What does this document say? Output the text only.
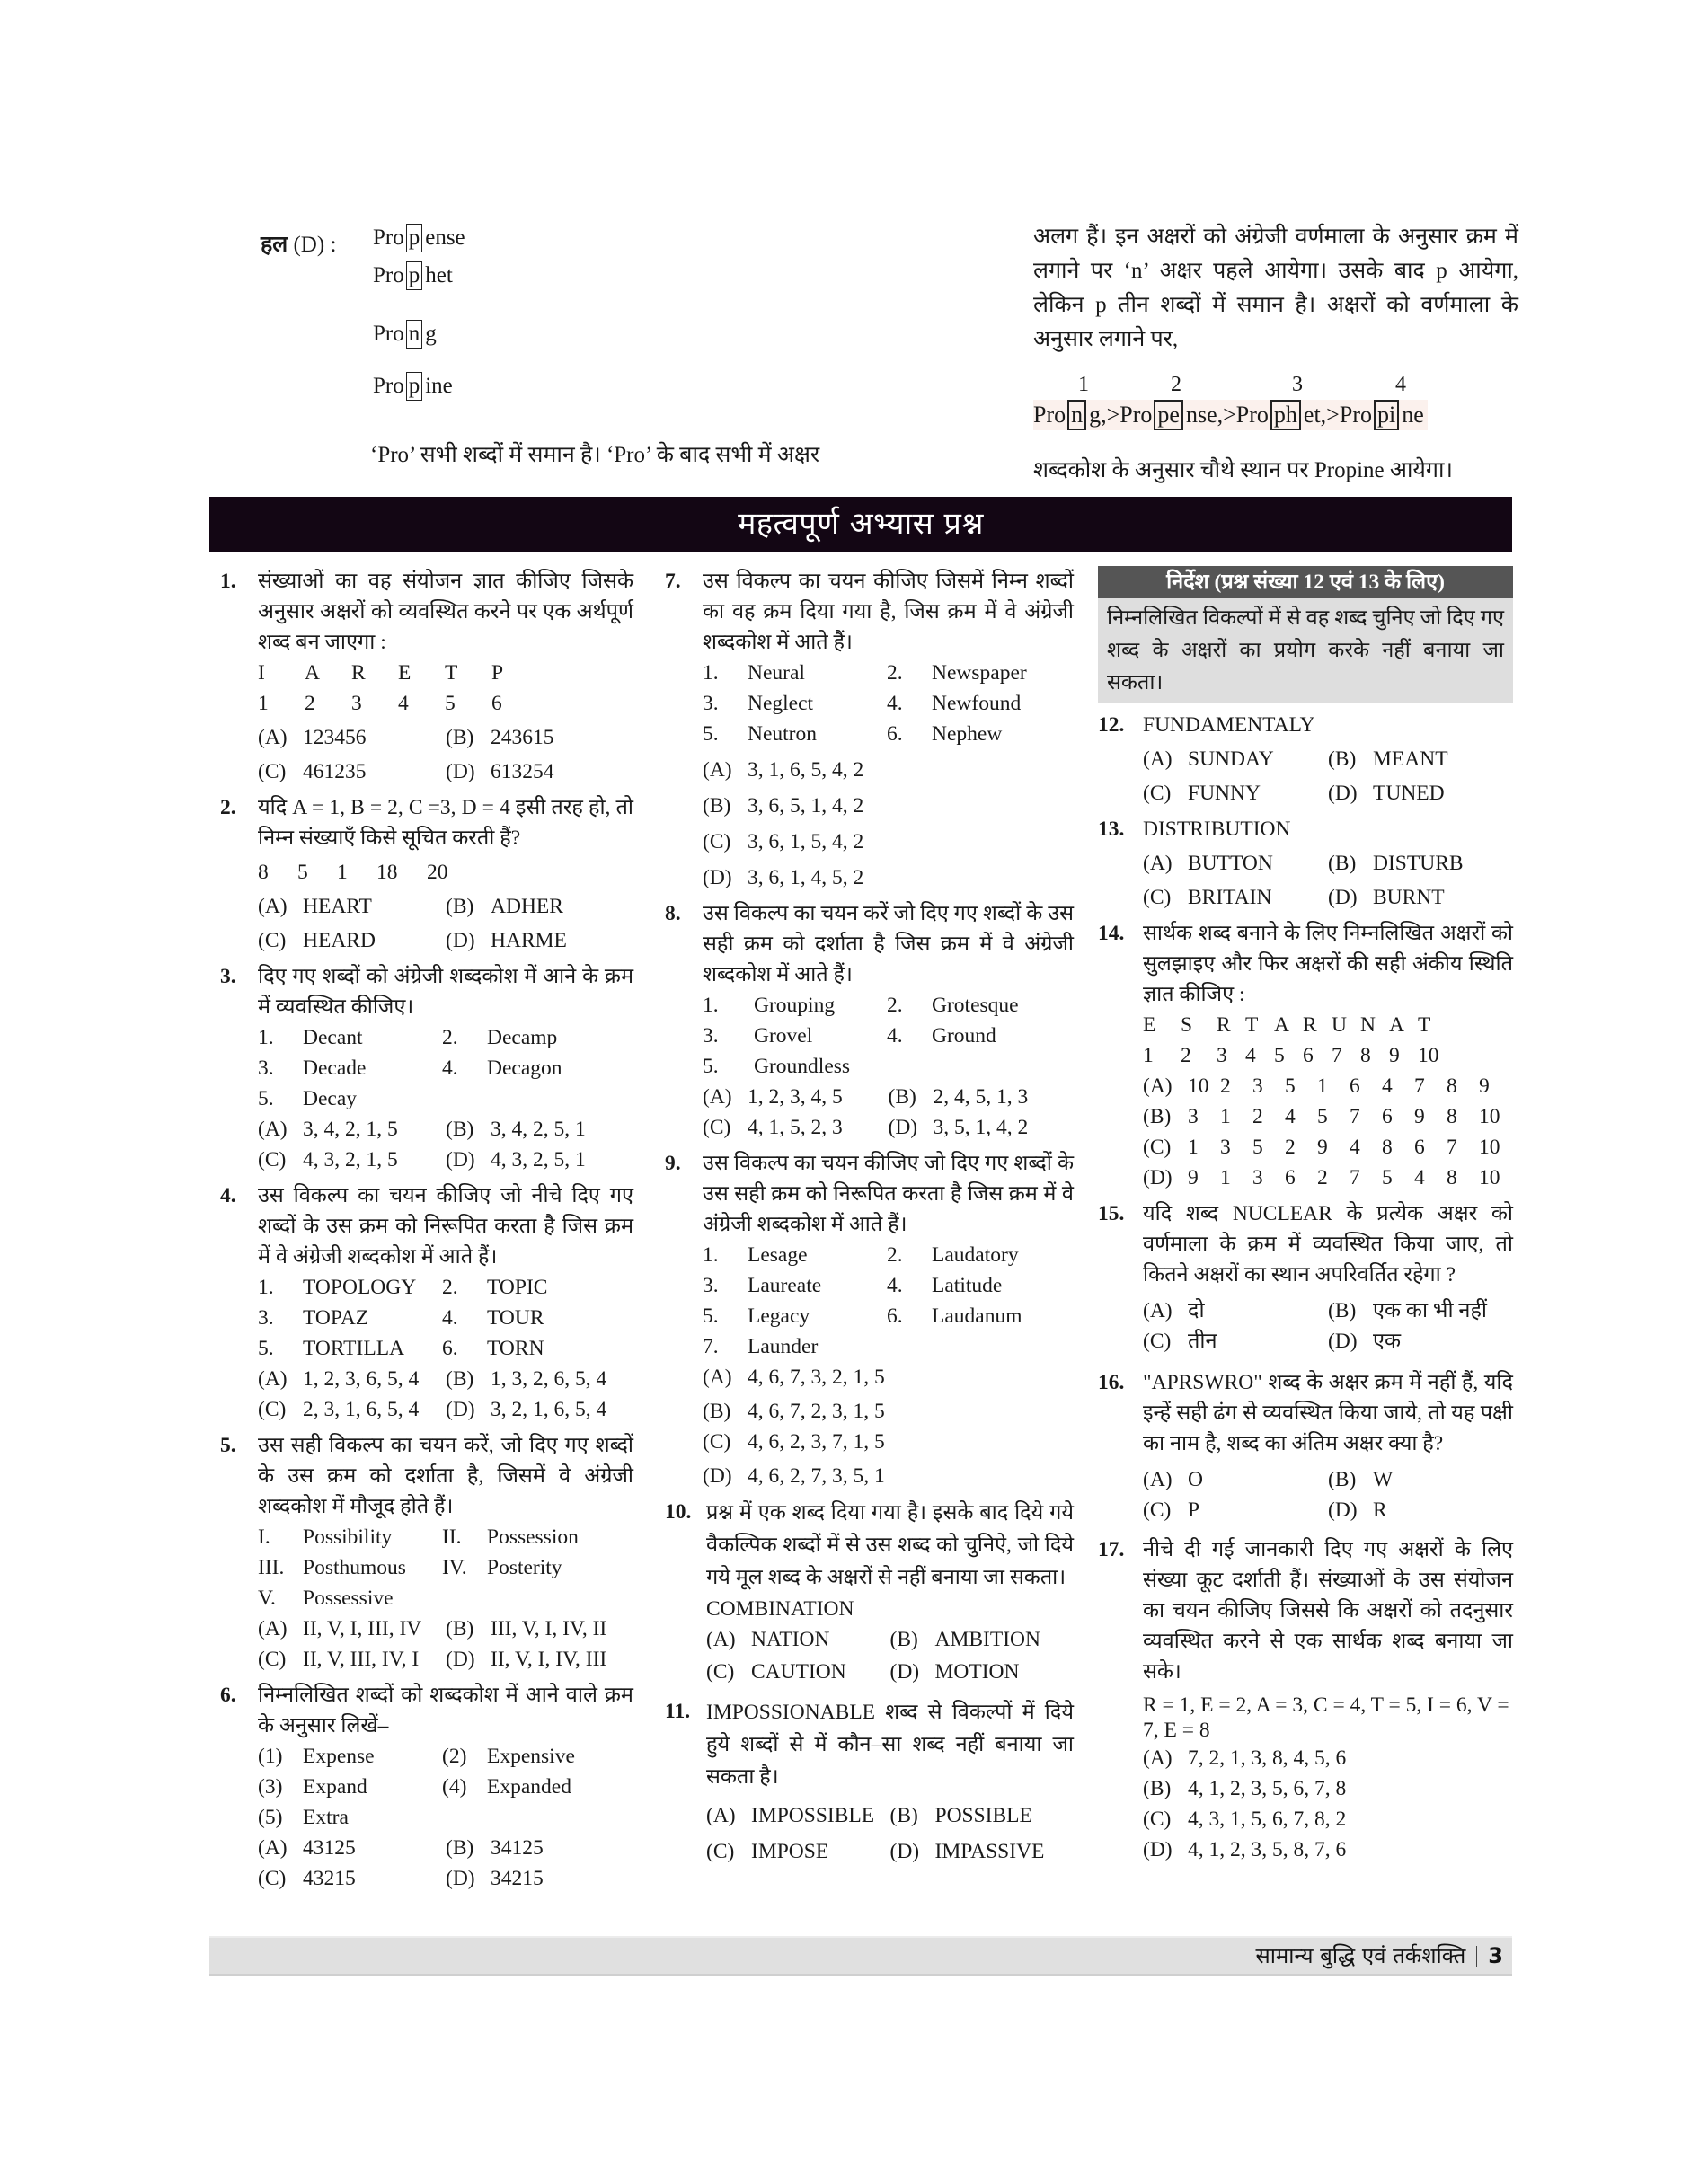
हल (D) : Pro p ense
Pro p het
Pro n g
Pro p ine
‘Pro’ सभी शब्दों में समान है। ‘Pro’ के बाद सभी में अक्षर
अलग हैं। इन अक्षरों को अंग्रेजी वर्णमाला के अनुसार क्रम में लगाने पर ‘n’ अक्षर पहले आयेगा। उसके बाद p आयेगा, लेकिन p तीन शब्दों में समान है। अक्षरों को वर्णमाला के अनुसार लगाने पर,
1	2	3	4
Pro n g,>Pro pe nse,>Pro ph et,>Pro pi ne
शब्दकोश के अनुसार चौथे स्थान पर Propine आयेगा।
महत्वपूर्ण अभ्यास प्रश्न
1. संख्याओं का वह संयोजन ज्ञात कीजिए जिसके अनुसार अक्षरों को व्यवस्थित करने पर एक अर्थपूर्ण शब्द बन जाएगा :
I A R E T P
1 2 3 4 5 6
(A) 123456	(B) 243615
(C) 461235	(D) 613254
2. यदि A = 1, B = 2, C =3, D = 4 इसी तरह हो, तो निम्न संख्याएँ किसे सूचित करती हैं?
8 5 1 18 20
(A) HEART	(B) ADHER
(C) HEARD	(D) HARME
3. दिए गए शब्दों को अंग्रेजी शब्दकोश में आने के क्रम में व्यवस्थित कीजिए।
1.	Decant	2.	Decamp
3.	Decade	4.	Decagon
5.	Decay
(A) 3, 4, 2, 1, 5 (B) 3, 4, 2, 5, 1
(C) 4, 3, 2, 1, 5 (D) 4, 3, 2, 5, 1
4. उस विकल्प का चयन कीजिए जो नीचे दिए गए शब्दों के उस क्रम को निरूपित करता है जिस क्रम में वे अंग्रेजी शब्दकोश में आते हैं।
1.	TOPOLOGY 2.	TOPIC
3.	TOPAZ	4.	TOUR
5.	TORTILLA 6.	TORN
(A) 1, 2, 3, 6, 5, 4 (B) 1, 3, 2, 6, 5, 4
(C) 2, 3, 1, 6, 5, 4 (D) 3, 2, 1, 6, 5, 4
5. उस सही विकल्प का चयन करें, जो दिए गए शब्दों के उस क्रम को दर्शाता है, जिसमें वे अंग्रेजी शब्दकोश में मौजूद होते हैं।
I.	Possibility II.	Possession
III. Posthumous IV. Posterity
V.	Possessive
(A) II, V, I, III, IV (B) III, V, I, IV, II
(C) II, V, III, IV, I (D) II, V, I, IV, III
6. निम्नलिखित शब्दों को शब्दकोश में आने वाले क्रम के अनुसार लिखें–
(1) Expense	(2) Expensive
(3) Expand	(4) Expanded
(5) Extra
(A) 43125	(B) 34125
(C) 43215	(D) 34215
7. उस विकल्प का चयन कीजिए जिसमें निम्न शब्दों का वह क्रम दिया गया है, जिस क्रम में वे अंग्रेजी शब्दकोश में आते हैं।
1.	Neural	2.	Newspaper
3.	Neglect	4.	Newfound
5.	Neutron	6.	Nephew
(A) 3, 1, 6, 5, 4, 2
(B) 3, 6, 5, 1, 4, 2
(C) 3, 6, 1, 5, 4, 2
(D) 3, 6, 1, 4, 5, 2
8. उस विकल्प का चयन करें जो दिए गए शब्दों के उस सही क्रम को दर्शाता है जिस क्रम में वे अंग्रेजी शब्दकोश में आते हैं।
1.	Grouping 2.	Grotesque
3.	Grovel	4.	Ground
5.	Groundless
(A) 1, 2, 3, 4, 5 (B) 2, 4, 5, 1, 3
(C) 4, 1, 5, 2, 3 (D) 3, 5, 1, 4, 2
9. उस विकल्प का चयन कीजिए जो दिए गए शब्दों के उस सही क्रम को निरूपित करता है जिस क्रम में वे अंग्रेजी शब्दकोश में आते हैं।
1.	Lesage	2.	Laudatory
3.	Laureate	4.	Latitude
5.	Legacy	6.	Laudanum
7.	Launder
(A) 4, 6, 7, 3, 2, 1, 5
(B) 4, 6, 7, 2, 3, 1, 5
(C) 4, 6, 2, 3, 7, 1, 5
(D) 4, 6, 2, 7, 3, 5, 1
10. प्रश्न में एक शब्द दिया गया है। इसके बाद दिये गये वैकल्पिक शब्दों में से उस शब्द को चुनिऐ, जो दिये गये मूल शब्द के अक्षरों से नहीं बनाया जा सकता।
COMBINATION
(A) NATION	(B) AMBITION
(C) CAUTION (D) MOTION
11. IMPOSSIONABLE शब्द से विकल्पों में दिये हुये शब्दों से में कौन–सा शब्द नहीं बनाया जा सकता है।
(A) IMPOSSIBLE (B) POSSIBLE
(C) IMPOSE	(D) IMPASSIVE
निर्देश (प्रश्न संख्या 12 एवं 13 के लिए)
निम्नलिखित विकल्पों में से वह शब्द चुनिए जो दिए गए शब्द के अक्षरों का प्रयोग करके नहीं बनाया जा सकता।
12. FUNDAMENTALY
(A) SUNDAY	(B) MEANT
(C) FUNNY	(D) TUNED
13. DISTRIBUTION
(A) BUTTON	(B) DISTURB
(C) BRITAIN	(D) BURNT
14. सार्थक शब्द बनाने के लिए निम्नलिखित अक्षरों को सुलझाइए और फिर अक्षरों की सही अंकीय स्थिति ज्ञात कीजिए :
E S R T A R U N A T
1 2 3 4 5 6 7 8 9 10
(A) 10 2	3	5	1	6	4	7	8	9
(B) 3	1	2	4	5	7	6	9	8	10
(C) 1	3	5	2	9	4	8	6	7	10
(D) 9	1	3	6	2	7	5	4	8	10
15. यदि शब्द NUCLEAR के प्रत्येक अक्षर को वर्णमाला के क्रम में व्यवस्थित किया जाए, तो कितने अक्षरों का स्थान अपरिवर्तित रहेगा ?
(A) दो	(B) एक का भी नहीं
(C) तीन	(D) एक
16. "APRSWRO" शब्द के अक्षर क्रम में नहीं हैं, यदि इन्हें सही ढंग से व्यवस्थित किया जाये, तो यह पक्षी का नाम है, शब्द का अंतिम अक्षर क्या है?
(A) O	(B) W
(C) P	(D) R
17. नीचे दी गई जानकारी दिए गए अक्षरों के लिए संख्या कूट दर्शाती हैं। संख्याओं के उस संयोजन का चयन कीजिए जिससे कि अक्षरों को तदनुसार व्यवस्थित करने से एक सार्थक शब्द बनाया जा सके।
R = 1, E = 2, A = 3, C = 4, T = 5, I = 6, V = 7, E = 8
(A) 7, 2, 1, 3, 8, 4, 5, 6
(B) 4, 1, 2, 3, 5, 6, 7, 8
(C) 4, 3, 1, 5, 6, 7, 8, 2
(D) 4, 1, 2, 3, 5, 8, 7, 6
सामान्य बुद्धि एवं तर्कशक्ति 3
